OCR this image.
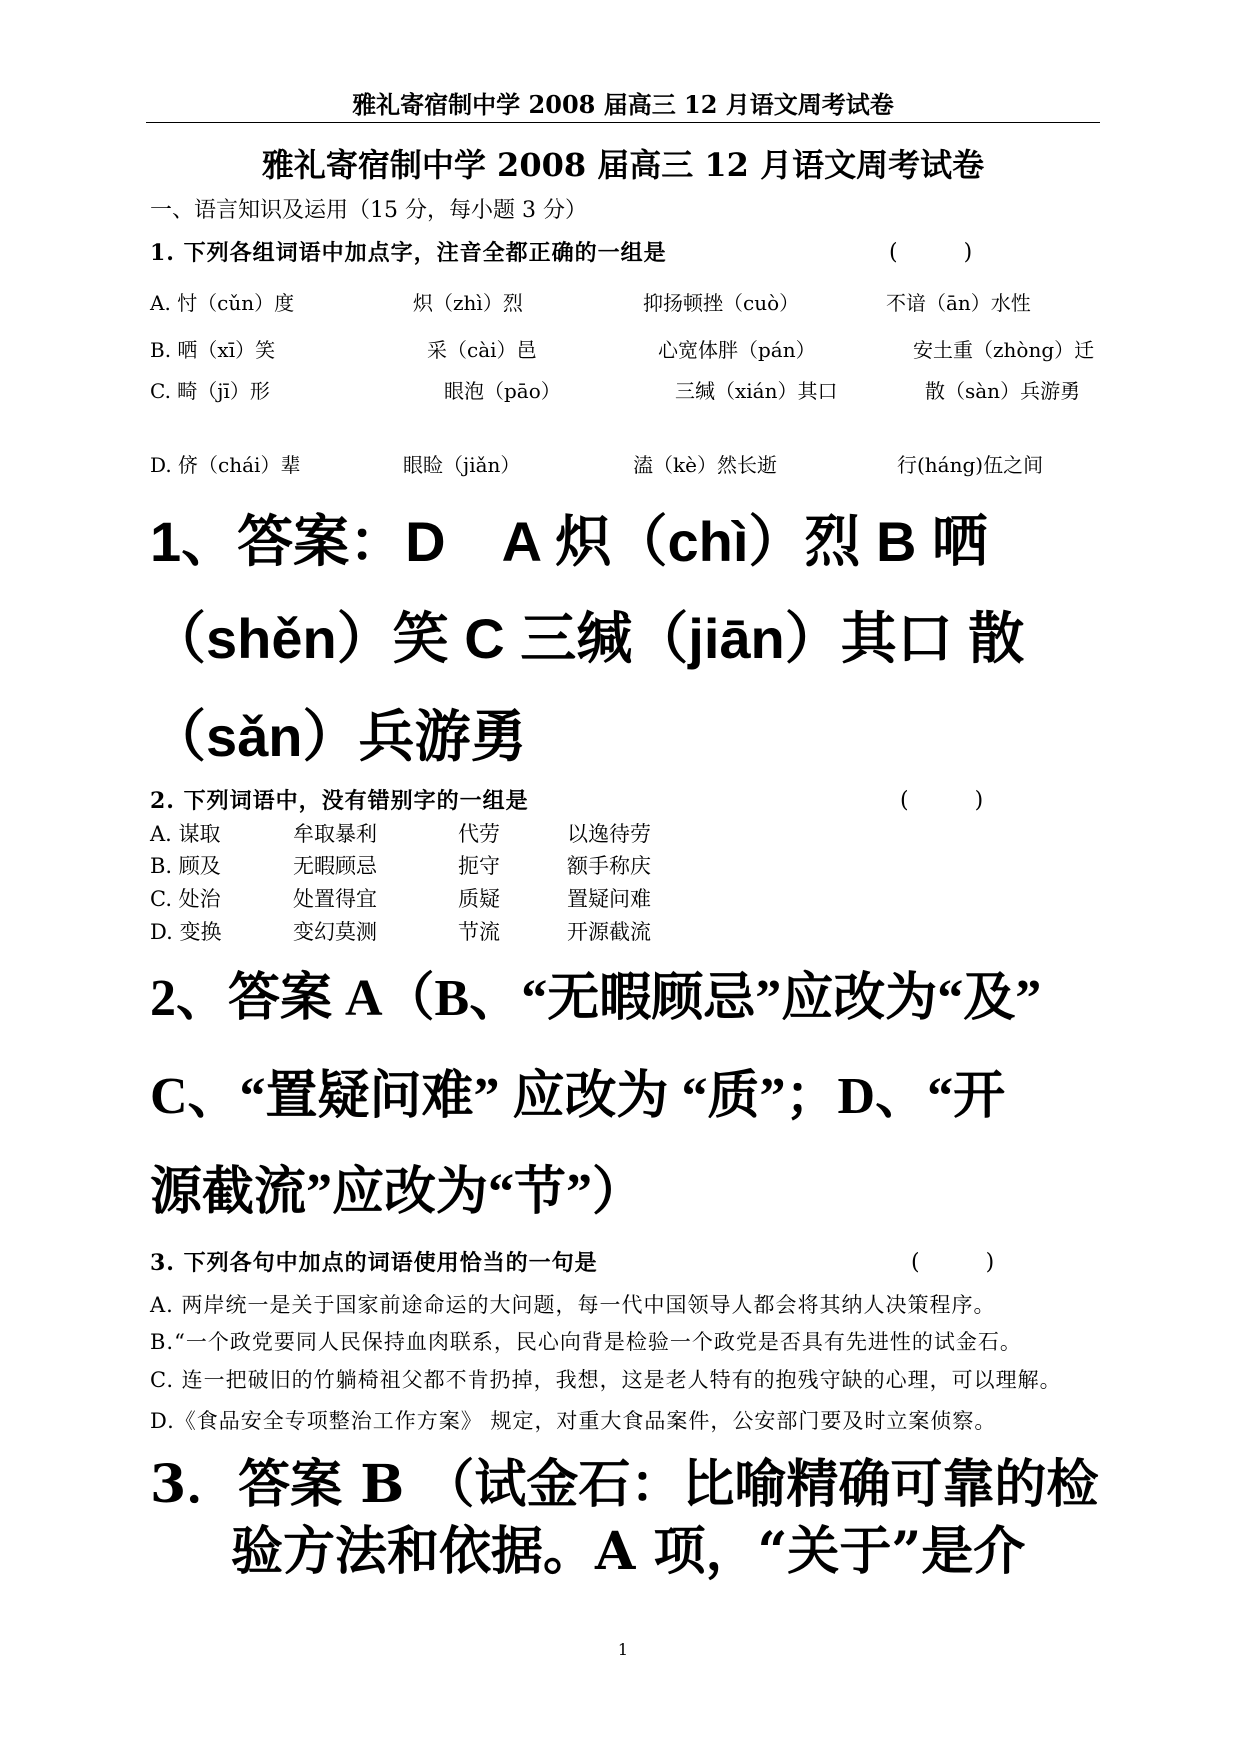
雅礼寄宿制中学 2008 届高三 12 月语文周考试卷
雅礼寄宿制中学 2008 届高三 12 月语文周考试卷
一、语言知识及运用（15 分，每小题 3 分）
1. 下列各组词语中加点字，注音全都正确的一组是	(　　　)
A. 忖（cǔn）度	炽（zhì）烈	抑扬顿挫（cuò）	不谙（ān）水性
B. 哂（xī）笑	采（cài）邑	心宽体胖（pán）	安土重（zhòng）迁
C. 畸（jī）形	眼泡（pāo）	三缄（xián）其口	散（sàn）兵游勇
D. 侪（chái）辈	眼睑（jiǎn）	溘（kè）然长逝	行(háng)伍之间
1、答案：D　A 炽（chì）烈 B 哂
（shěn）笑 C 三缄（jiān）其口 散
（sǎn）兵游勇
2. 下列词语中，没有错别字的一组是	(　　　)
A. 谋取	牟取暴利	代劳	以逸待劳
B. 顾及	无暇顾忌	扼守	额手称庆
C. 处治	处置得宜	质疑	置疑问难
D. 变换	变幻莫测	节流	开源截流
2、答案 A（B、“无暇顾忌”应改为“及”
C、“置疑问难” 应改为 “质”；D、“开
源截流”应改为“节”）
3. 下列各句中加点的词语使用恰当的一句是	(　　　)
A. 两岸统一是关于国家前途命运的大问题，每一代中国领导人都会将其纳人决策程序。
B.“一个政党要同人民保持血肉联系，民心向背是检验一个政党是否具有先进性的试金石。
C. 连一把破旧的竹躺椅祖父都不肯扔掉，我想，这是老人特有的抱残守缺的心理，可以理解。
D.《食品安全专项整治工作方案》 规定，对重大食品案件，公安部门要及时立案侦察。
3．答案 B （试金石：比喻精确可靠的检
验方法和依据。A 项，“关于”是介
1
